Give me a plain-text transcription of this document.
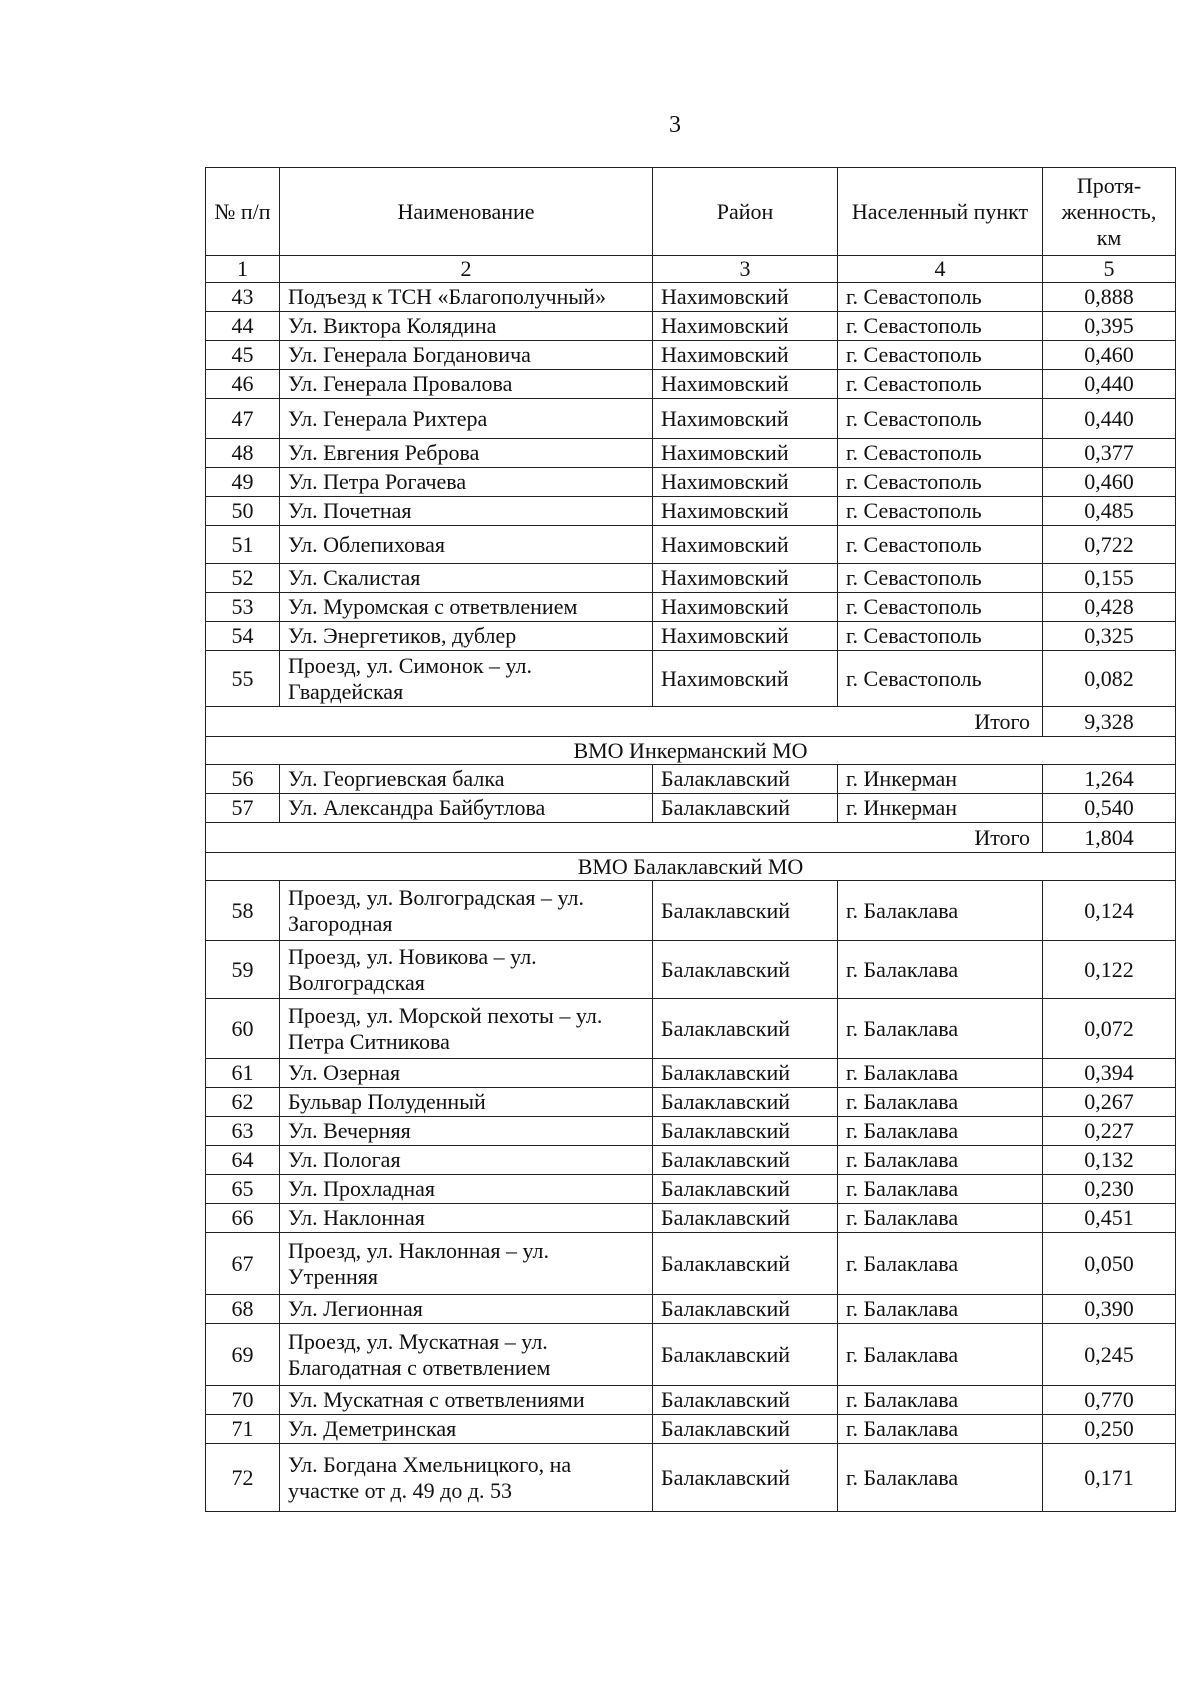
3
№ п/п	Наименование	Район	Населенный пункт	Протя-женность, км
1	2	3	4	5
43	Подъезд к ТСН «Благополучный»	Нахимовский	г. Севастополь	0,888
44	Ул. Виктора Колядина	Нахимовский	г. Севастополь	0,395
45	Ул. Генерала Богдановича	Нахимовский	г. Севастополь	0,460
46	Ул. Генерала Провалова	Нахимовский	г. Севастополь	0,440
47	Ул. Генерала Рихтера	Нахимовский	г. Севастополь	0,440
48	Ул. Евгения Реброва	Нахимовский	г. Севастополь	0,377
49	Ул. Петра Рогачева	Нахимовский	г. Севастополь	0,460
50	Ул. Почетная	Нахимовский	г. Севастополь	0,485
51	Ул. Облепиховая	Нахимовский	г. Севастополь	0,722
52	Ул. Скалистая	Нахимовский	г. Севастополь	0,155
53	Ул. Муромская с ответвлением	Нахимовский	г. Севастополь	0,428
54	Ул. Энергетиков, дублер	Нахимовский	г. Севастополь	0,325
55	Проезд, ул. Симонок – ул. Гвардейская	Нахимовский	г. Севастополь	0,082
Итого				9,328
ВМО Инкерманский МО				
56	Ул. Георгиевская балка	Балаклавский	г. Инкерман	1,264
57	Ул. Александра Байбутлова	Балаклавский	г. Инкерман	0,540
Итого				1,804
ВМО Балаклавский МО				
58	Проезд, ул. Волгоградская – ул. Загородная	Балаклавский	г. Балаклава	0,124
59	Проезд, ул. Новикова – ул. Волгоградская	Балаклавский	г. Балаклава	0,122
60	Проезд, ул. Морской пехоты – ул. Петра Ситникова	Балаклавский	г. Балаклава	0,072
61	Ул. Озерная	Балаклавский	г. Балаклава	0,394
62	Бульвар Полуденный	Балаклавский	г. Балаклава	0,267
63	Ул. Вечерняя	Балаклавский	г. Балаклава	0,227
64	Ул. Пологая	Балаклавский	г. Балаклава	0,132
65	Ул. Прохладная	Балаклавский	г. Балаклава	0,230
66	Ул. Наклонная	Балаклавский	г. Балаклава	0,451
67	Проезд, ул. Наклонная – ул. Утренняя	Балаклавский	г. Балаклава	0,050
68	Ул. Легионная	Балаклавский	г. Балаклава	0,390
69	Проезд, ул. Мускатная – ул. Благодатная с ответвлением	Балаклавский	г. Балаклава	0,245
70	Ул. Мускатная с ответвлениями	Балаклавский	г. Балаклава	0,770
71	Ул. Деметринская	Балаклавский	г. Балаклава	0,250
72	Ул. Богдана Хмельницкого, на участке от д. 49 до д. 53	Балаклавский	г. Балаклава	0,171
